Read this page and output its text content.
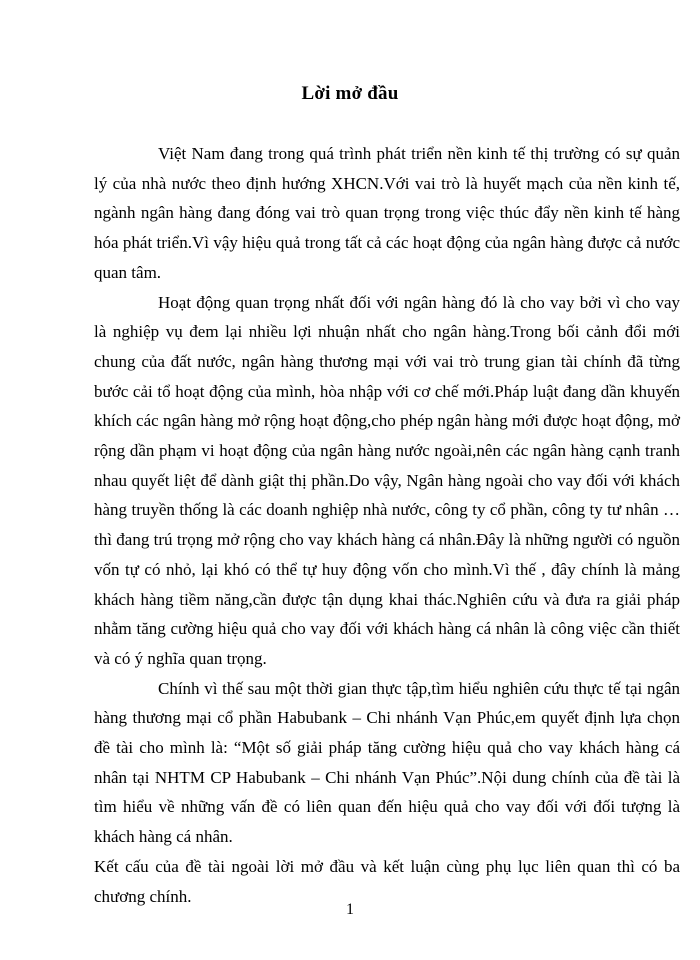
Lời mở đầu

Việt Nam đang trong quá trình phát triển nền kinh tế thị trường có sự quản lý của nhà nước theo định hướng XHCN.Với vai trò là huyết mạch của nền kinh tế, ngành ngân hàng đang đóng vai trò quan trọng trong việc thúc đẩy nền kinh tế hàng hóa phát triển.Vì vậy hiệu quả trong tất cả các hoạt động của ngân hàng được cả nước quan tâm.

Hoạt động quan trọng nhất đối với ngân hàng đó là cho vay bởi vì cho vay là nghiệp vụ đem lại nhiều lợi nhuận nhất cho ngân hàng.Trong bối cảnh đổi mới chung của đất nước, ngân hàng thương mại với vai trò trung gian tài chính đã từng bước cải tổ hoạt động của mình, hòa nhập với cơ chế mới.Pháp luật đang dần khuyến khích các ngân hàng mở rộng hoạt động,cho phép ngân hàng mới được hoạt động, mở rộng dần phạm vi hoạt động của ngân hàng nước ngoài,nên các ngân hàng cạnh tranh nhau quyết liệt để dành giật thị phần.Do vậy, Ngân hàng ngoài cho vay đối với khách hàng truyền thống là các doanh nghiệp nhà nước, công ty cổ phần, công ty tư nhân …thì đang trú trọng mở rộng cho vay khách hàng cá nhân.Đây là những người có nguồn vốn tự có nhỏ, lại khó có thể tự huy động vốn cho mình.Vì thế , đây chính là mảng khách hàng tiềm năng,cần được tận dụng khai thác.Nghiên cứu và đưa ra giải pháp nhằm tăng cường hiệu quả cho vay đối với khách hàng cá nhân là công việc cần thiết và có ý nghĩa quan trọng.

Chính vì thế sau một thời gian thực tập,tìm hiểu nghiên cứu thực tế tại ngân hàng thương mại cổ phần Habubank – Chi nhánh Vạn Phúc,em quyết định lựa chọn đề tài cho mình là: “Một số giải pháp tăng cường hiệu quả cho vay khách hàng cá nhân tại NHTM CP Habubank – Chi nhánh Vạn Phúc”.Nội dung chính của đề tài là tìm hiểu về những vấn đề có liên quan đến hiệu quả cho vay đối với đối tượng là khách hàng cá nhân.

Kết cấu của đề tài ngoài lời mở đầu và kết luận cùng phụ lục liên quan thì có ba chương chính.

1
